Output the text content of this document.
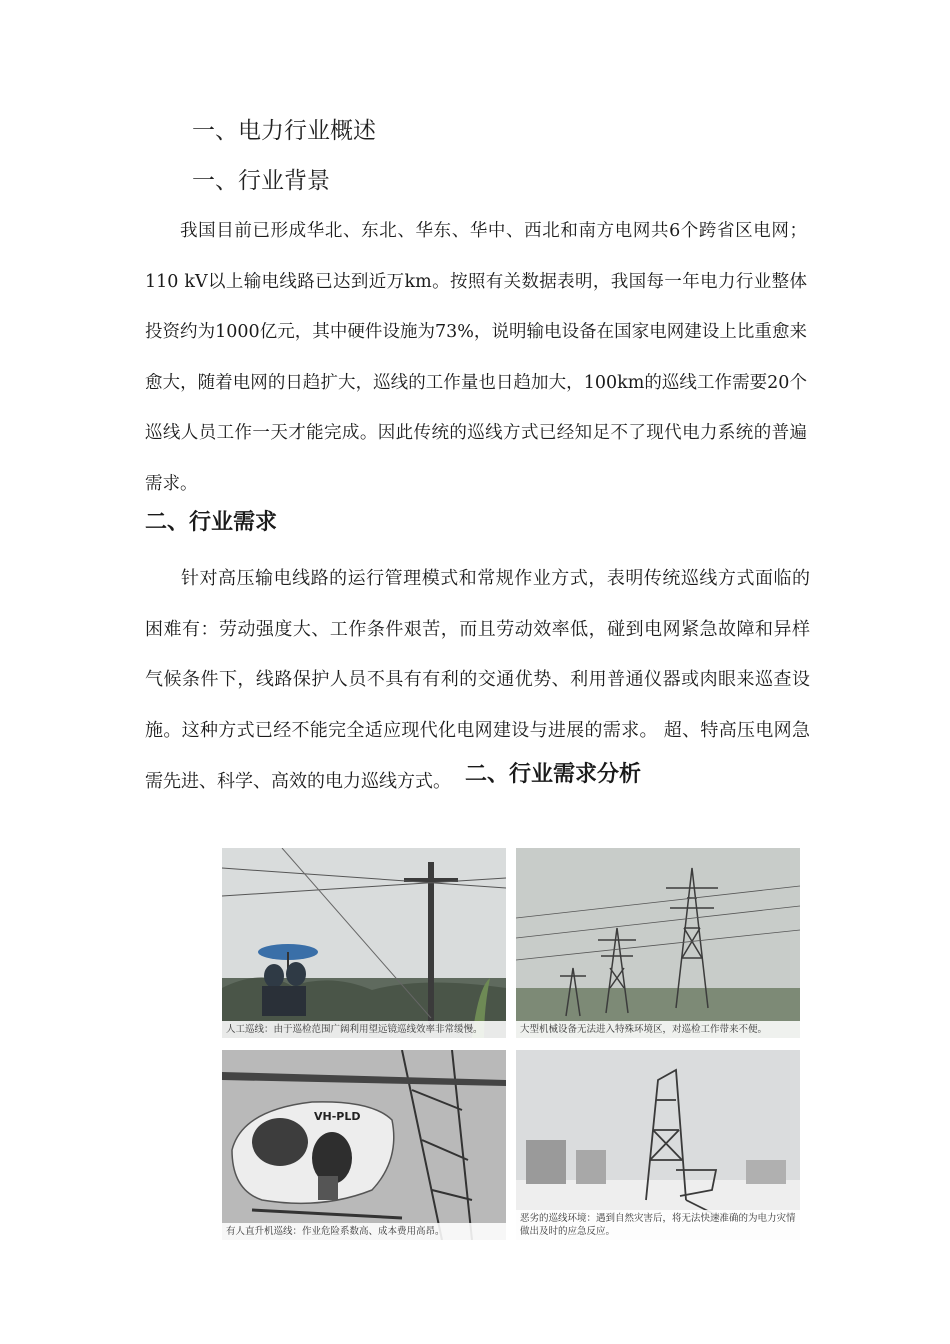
一、电力行业概述
一、行业背景
我国目前已形成华北、东北、华东、华中、西北和南方电网共6个跨省区电网； 110 kV以上输电线路已达到近万km。按照有关数据表明，我国每一年电力行业整体投资约为1000亿元，其中硬件设施为73%，说明输电设备在国家电网建设上比重愈来愈大，随着电网的日趋扩大，巡线的工作量也日趋加大，100km的巡线工作需要20个巡线人员工作一天才能完成。因此传统的巡线方式已经知足不了现代电力系统的普遍需求。
二、行业需求
针对高压输电线路的运行管理模式和常规作业方式，表明传统巡线方式面临的困难有：劳动强度大、工作条件艰苦，而且劳动效率低，碰到电网紧急故障和异样气候条件下，线路保护人员不具有有利的交通优势、利用普通仪器或肉眼来巡查设施。这种方式已经不能完全适应现代化电网建设与进展的需求。 超、特高压电网急需先进、科学、高效的电力巡线方式。 二、行业需求分析
人工巡线：由于巡检范围广阔利用望远镜巡线效率非常缓慢。	大型机械设备无法进入特殊环境区，对巡检工作带来不便。
VH-PLD
有人直升机巡线：作业危险系数高、成本费用高昂。
恶劣的巡线环境：遇到自然灾害后，将无法快速准确的为电力灾情做出及时的应急反应。
